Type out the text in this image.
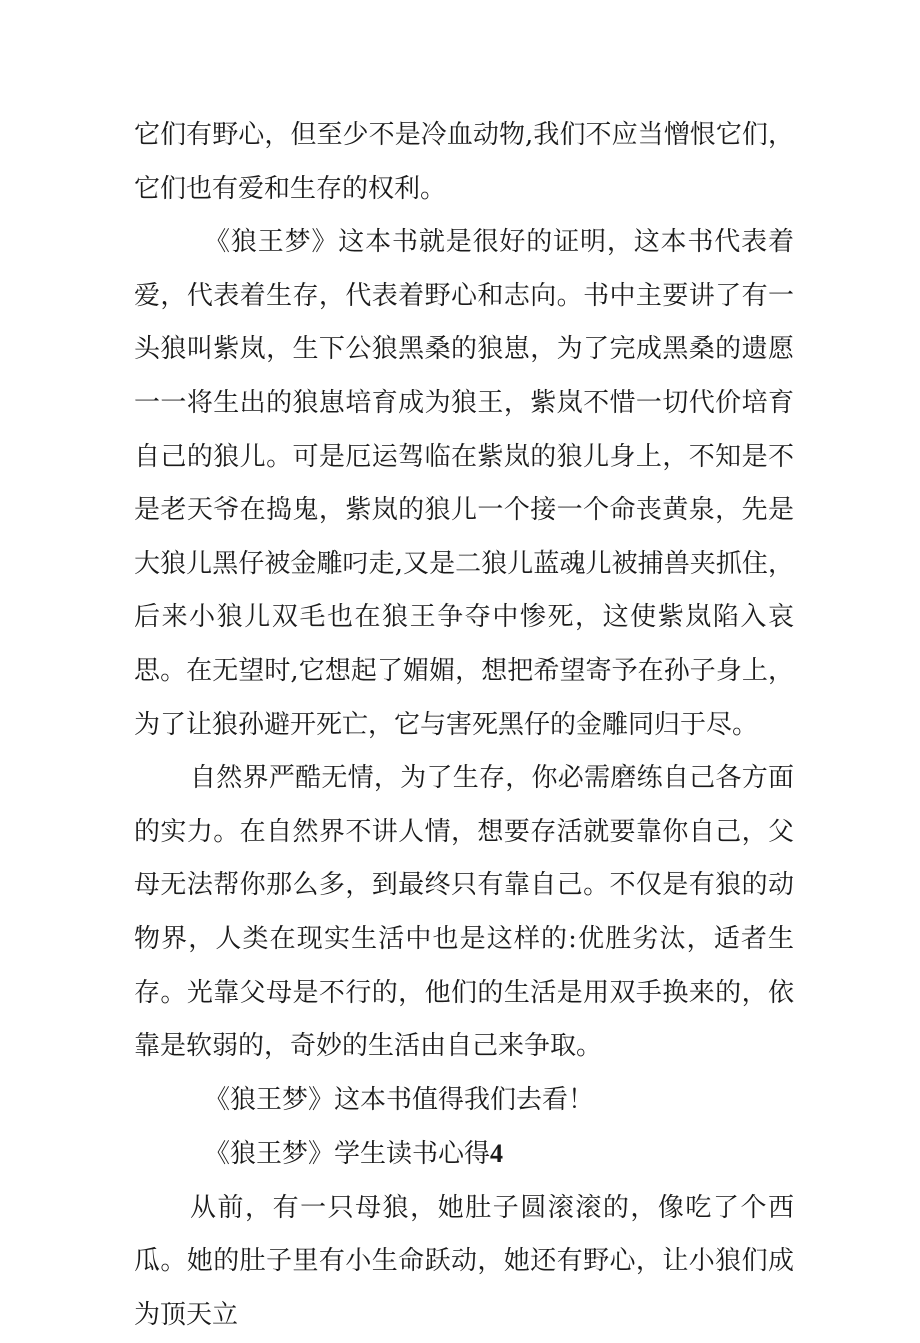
它们有野心，但至少不是冷血动物,我们不应当憎恨它们，它们也有爱和生存的权利。

《狼王梦》这本书就是很好的证明，这本书代表着爱，代表着生存，代表着野心和志向。书中主要讲了有一头狼叫紫岚，生下公狼黑桑的狼崽，为了完成黑桑的遗愿一一将生出的狼崽培育成为狼王，紫岚不惜一切代价培育自己的狼儿。可是厄运驾临在紫岚的狼儿身上，不知是不是老天爷在捣鬼，紫岚的狼儿一个接一个命丧黄泉，先是大狼儿黑仔被金雕叼走,又是二狼儿蓝魂儿被捕兽夹抓住，后来小狼儿双毛也在狼王争夺中惨死，这使紫岚陷入哀思。在无望时,它想起了媚媚，想把希望寄予在孙子身上，为了让狼孙避开死亡，它与害死黑仔的金雕同归于尽。

自然界严酷无情，为了生存，你必需磨练自己各方面的实力。在自然界不讲人情，想要存活就要靠你自己，父母无法帮你那么多，到最终只有靠自己。不仅是有狼的动物界，人类在现实生活中也是这样的:优胜劣汰，适者生存。光靠父母是不行的，他们的生活是用双手换来的，依靠是软弱的，奇妙的生活由自己来争取。

《狼王梦》这本书值得我们去看！

《狼王梦》学生读书心得4

从前，有一只母狼，她肚子圆滚滚的，像吃了个西瓜。她的肚子里有小生命跃动，她还有野心，让小狼们成为顶天立
